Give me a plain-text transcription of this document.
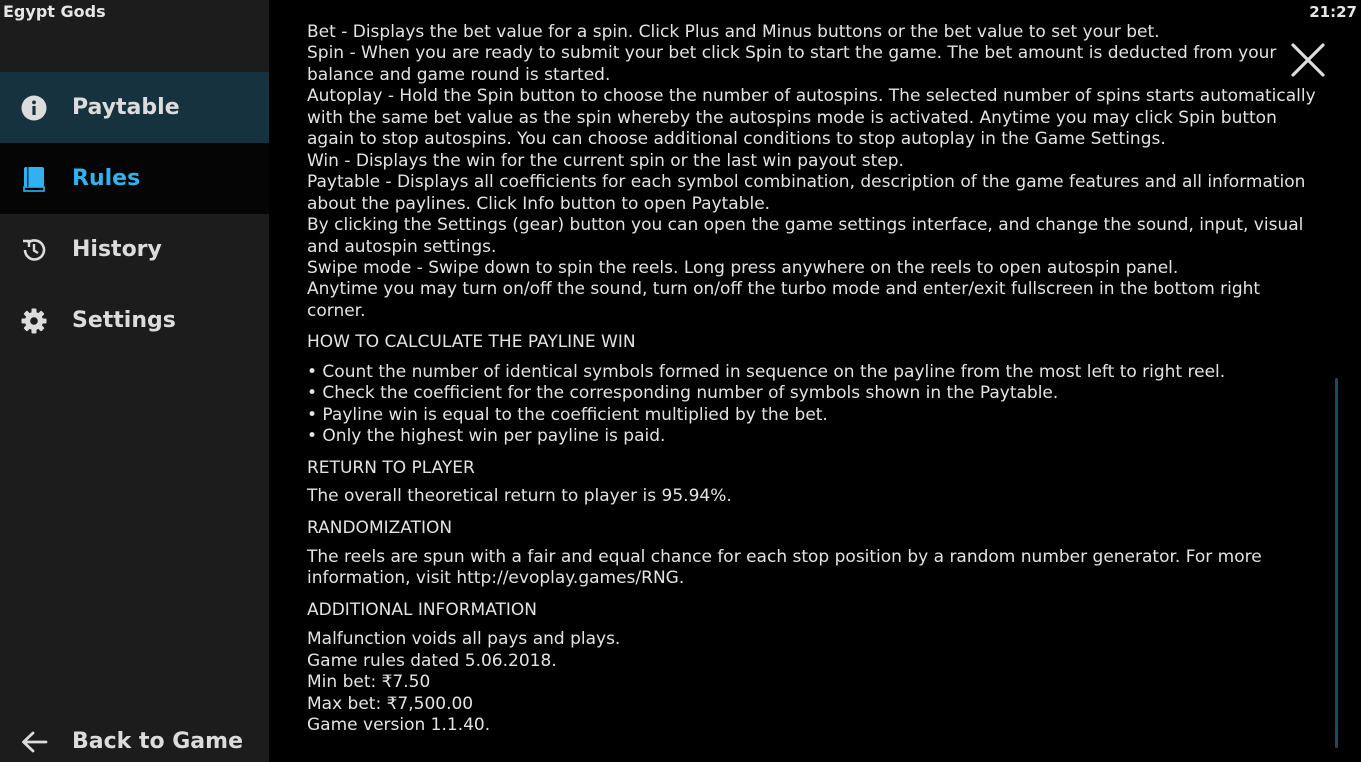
Paytable
Rules
History
Settings
Back to Game
Egypt Gods	21:27

Bet - Displays the bet value for a spin. Click Plus and Minus buttons or the bet value to set your bet.

Spin - When you are ready to submit your bet click Spin to start the game. The bet amount is deducted from your balance and game round is started.

Autoplay - Hold the Spin button to choose the number of autospins. The selected number of spins starts automatically with the same bet value as the spin whereby the autospins mode is activated. Anytime you may click Spin button again to stop autospins. You can choose additional conditions to stop autoplay in the Game Settings.

Win - Displays the win for the current spin or the last win payout step.

Paytable - Displays all coefficients for each symbol combination, description of the game features and all information about the paylines. Click Info button to open Paytable.

By clicking the Settings (gear) button you can open the game settings interface, and change the sound, input, visual and autospin settings.

Swipe mode - Swipe down to spin the reels. Long press anywhere on the reels to open autospin panel.

Anytime you may turn on/off the sound, turn on/off the turbo mode and enter/exit fullscreen in the bottom right corner.

HOW TO CALCULATE THE PAYLINE WIN

• Count the number of identical symbols formed in sequence on the payline from the most left to right reel.

• Check the coefficient for the corresponding number of symbols shown in the Paytable.

• Payline win is equal to the coefficient multiplied by the bet.

• Only the highest win per payline is paid.

RETURN TO PLAYER

The overall theoretical return to player is 95.94%.

RANDOMIZATION

The reels are spun with a fair and equal chance for each stop position by a random number generator. For more information, visit http://evoplay.games/RNG.

ADDITIONAL INFORMATION

Malfunction voids all pays and plays.

Game rules dated 5.06.2018.

Min bet: ₹7.50

Max bet: ₹7,500.00

Game version 1.1.40.
